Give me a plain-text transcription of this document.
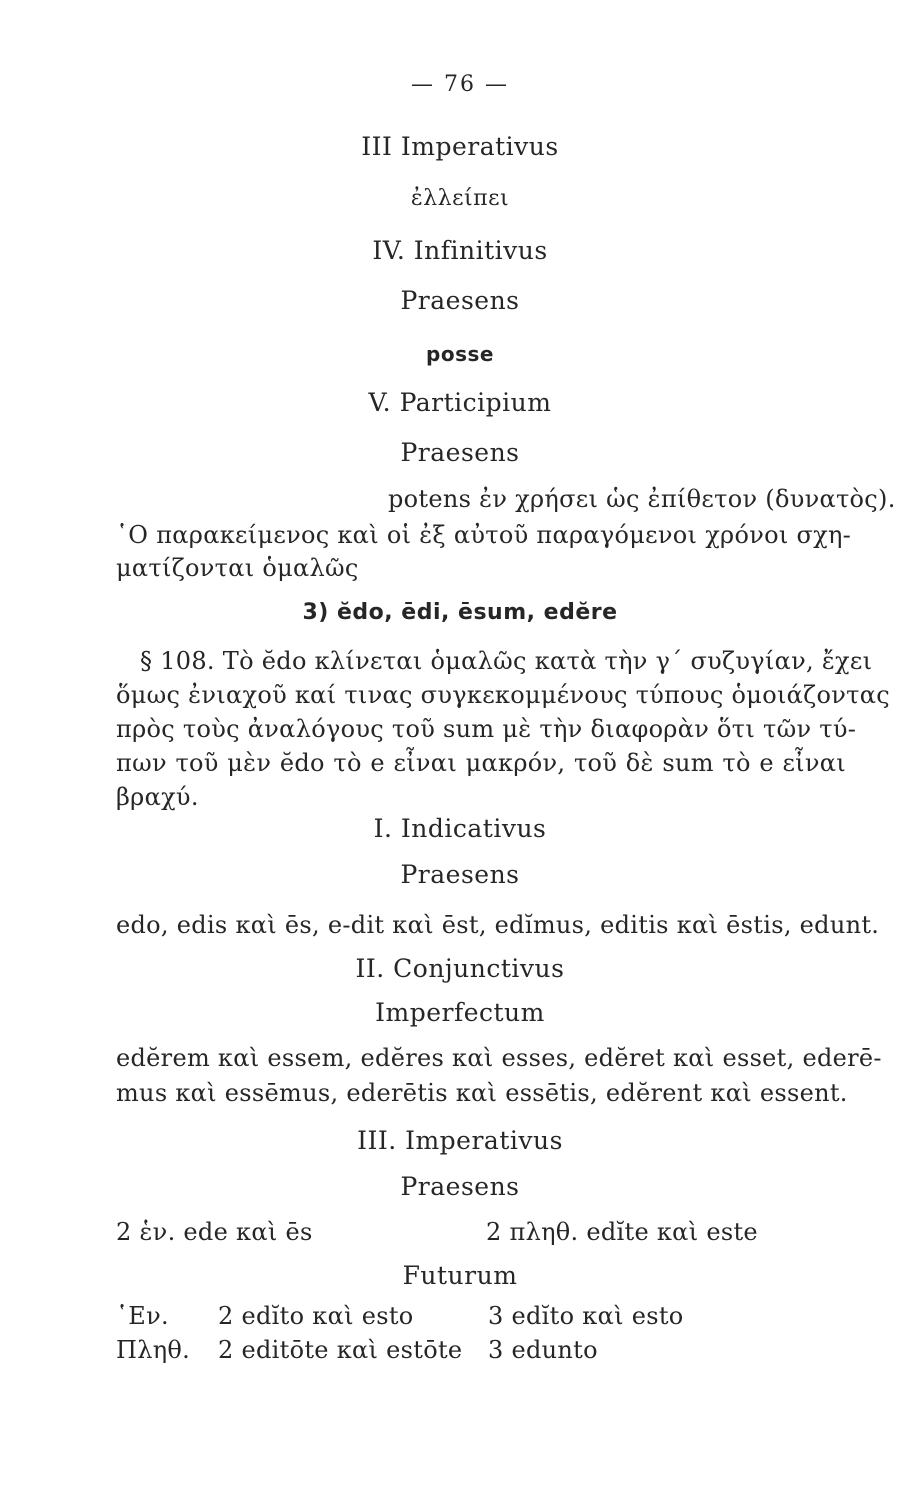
— 76 —
III Imperativus
ἐλλείπει
IV. Infinitivus
Praesens
posse
V. Participium
Praesens
potens ἐν χρήσει ὡς ἐπίθετον (δυνατὸς).
῾Ο παρακείμενος καὶ οἱ ἐξ αὐτοῦ παραγόμενοι χρόνοι σχη-
ματίζονται ὁμαλῶς
3) ĕdo, ēdi, ēsum, edĕre
§ 108. Τὸ ĕdo κλίνεται ὁμαλῶς κατὰ τὴν γ΄ συζυγίαν, ἔχει
ὅμως ἐνιαχοῦ καί τινας συγκεκομμένους τύπους ὁμοιάζοντας
πρὸς τοὺς ἀναλόγους τοῦ sum μὲ τὴν διαφορὰν ὅτι τῶν τύ-
πων τοῦ μὲν ĕdo τὸ e εἶναι μακρόν, τοῦ δὲ sum τὸ e εἶναι
βραχύ.
I. Indicativus
Praesens
edo, edis καὶ ēs, e-dit καὶ ēst, edĭmus, editis καὶ ēstis, edunt.
II. Conjunctivus
Imperfectum
edĕrem καὶ essem, edĕres καὶ esses, edĕret καὶ esset, ederē-
mus καὶ essēmus, ederētis καὶ essētis, edĕrent καὶ essent.
III. Imperativus
Praesens
2 ἑν. ede καὶ ēs	2 πληθ. edĭte καὶ este
Futurum
῾Εν. 2 edĭto καὶ esto	3 edĭto καὶ esto
Πληθ. 2 editōte καὶ estōte 3 edunto
